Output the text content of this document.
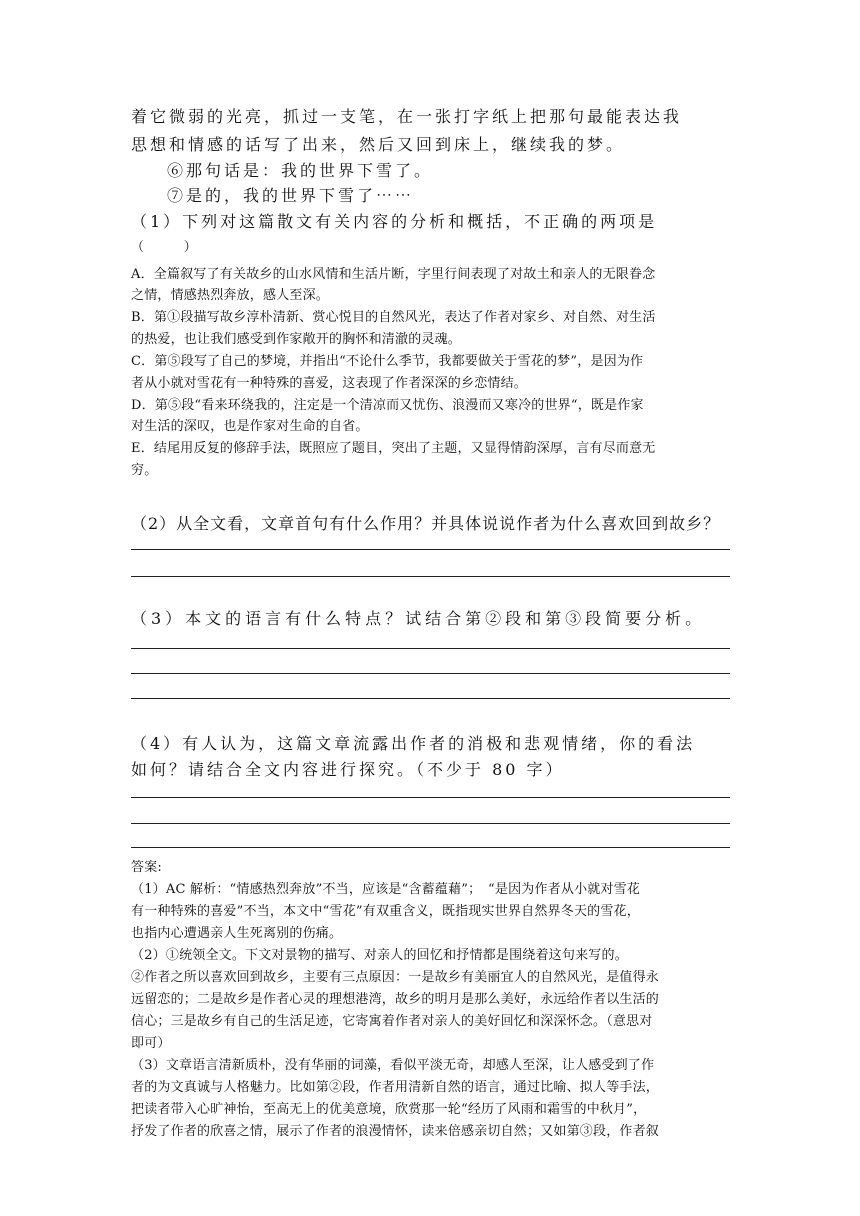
着它微弱的光亮，抓过一支笔，在一张打字纸上把那句最能表达我
思想和情感的话写了出来，然后又回到床上，继续我的梦。
⑥那句话是：我的世界下雪了。
⑦是的，我的世界下雪了⋯⋯
（1）下列对这篇散文有关内容的分析和概括，不正确的两项是
（　　　）
A．全篇叙写了有关故乡的山水风情和生活片断，字里行间表现了对故土和亲人的无限眷念
之情，情感热烈奔放，感人至深。
B．第①段描写故乡淳朴清新、赏心悦目的自然风光，表达了作者对家乡、对自然、对生活
的热爱，也让我们感受到作家敞开的胸怀和清澈的灵魂。
C．第⑤段写了自己的梦境，并指出“不论什么季节，我都要做关于雪花的梦”，是因为作
者从小就对雪花有一种特殊的喜爱，这表现了作者深深的乡恋情结。
D．第⑤段“看来环绕我的，注定是一个清凉而又忧伤、浪漫而又寒冷的世界“，既是作家
对生活的深叹，也是作家对生命的自省。
E．结尾用反复的修辞手法，既照应了题目，突出了主题，又显得情韵深厚，言有尽而意无
穷。
（2）从全文看，文章首句有什么作用？并具体说说作者为什么喜欢回到故乡？
（3）本文的语言有什么特点？试结合第②段和第③段简要分析。
（4）有人认为，这篇文章流露出作者的消极和悲观情绪，你的看法
如何？请结合全文内容进行探究。（不少于 80 字）
答案:
（1）AC 解析：“情感热烈奔放”不当，应该是“含蓄蕴藉”；　“是因为作者从小就对雪花
有一种特殊的喜爱”不当，本文中“雪花”有双重含义，既指现实世界自然界冬天的雪花，
也指内心遭遇亲人生死离别的伤痛。
（2）①统领全文。下文对景物的描写、对亲人的回忆和抒情都是围绕着这句来写的。
②作者之所以喜欢回到故乡，主要有三点原因：一是故乡有美丽宜人的自然风光，是值得永
远留恋的；二是故乡是作者心灵的理想港湾，故乡的明月是那么美好，永远给作者以生活的
信心；三是故乡有自己的生活足迹，它寄寓着作者对亲人的美好回忆和深深怀念。（意思对
即可）
（3）文章语言清新质朴，没有华丽的词藻，看似平淡无奇，却感人至深，让人感受到了作
者的为文真诚与人格魅力。比如第②段，作者用清新自然的语言，通过比喻、拟人等手法，
把读者带入心旷神怡，至高无上的优美意境，欣赏那一轮“经历了风雨和霜雪的中秋月”，
抒发了作者的欣喜之情，展示了作者的浪漫情怀，读来倍感亲切自然；又如第③段，作者叙
